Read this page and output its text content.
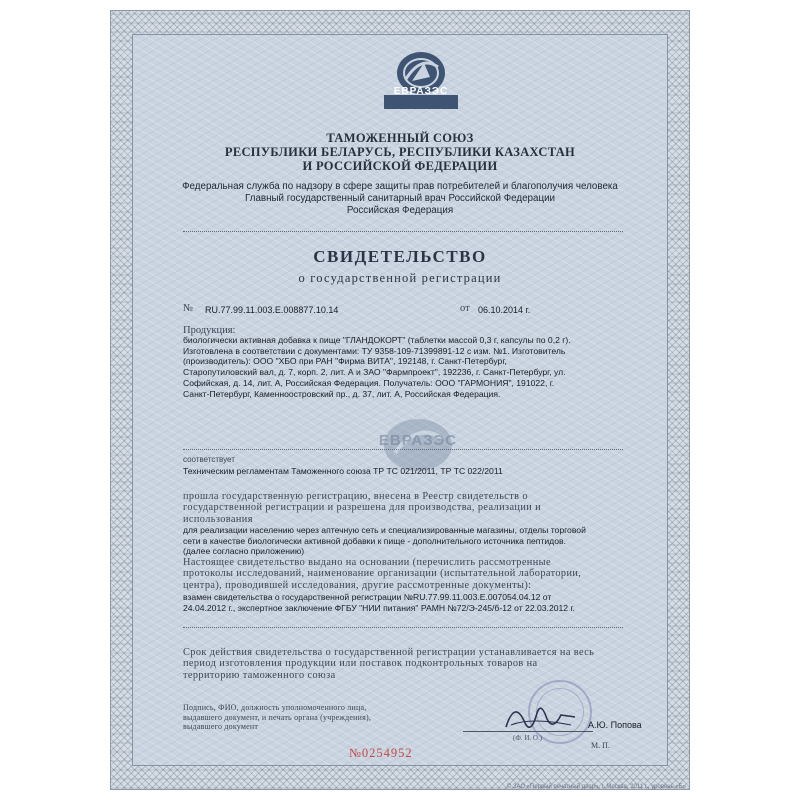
ЕВРАЗЭС
ТАМОЖЕННЫЙ СОЮЗ
РЕСПУБЛИКИ БЕЛАРУСЬ, РЕСПУБЛИКИ КАЗАХСТАН
И РОССИЙСКОЙ ФЕДЕРАЦИИ
Федеральная служба по надзору в сфере защиты прав потребителей и благополучия человека
Главный государственный санитарный врач Российской Федерации
Российская Федерация
СВИДЕТЕЛЬСТВО
о государственной регистрации
№ RU.77.99.11.003.Е.008877.10.14	от 06.10.2014 г.
Продукция:
биологически активная добавка к пище "ГЛАНДОКОРТ" (таблетки массой 0,3 г, капсулы по 0,2 г).
Изготовлена в соответствии с документами: ТУ 9358-109-71399891-12 с изм. №1. Изготовитель
(производитель): ООО "ХБО при РАН "Фирма ВИТА", 192148, г. Санкт-Петербург,
Старопутиловский вал, д. 7, корп. 2, лит. А и ЗАО "Фармпроект", 192236, г. Санкт-Петербург, ул.
Софийская, д. 14, лит. А, Российская Федерация. Получатель: ООО "ГАРМОНИЯ", 191022, г.
Санкт-Петербург, Каменноостровский пр., д. 37, лит. А, Российская Федерация.
ЕВРАЗЭС
соответствует
Техническим регламентам Таможенного союза ТР ТС 021/2011, ТР ТС 022/2011
прошла государственную регистрацию, внесена в Реестр свидетельств о
государственной регистрации и разрешена для производства, реализации и
использования
для реализации населению через аптечную сеть и специализированные магазины, отделы торговой
сети в качестве биологически активной добавки к пище - дополнительного источника пептидов.
(далее согласно приложению)
Настоящее свидетельство выдано на основании (перечислить рассмотренные
протоколы исследований, наименование организации (испытательной лаборатории,
центра), проводившей исследования, другие рассмотренные документы):
взамен свидетельства о государственной регистрации №RU.77.99.11.003.Е.007054.04.12 от
24.04.2012 г., экспертное заключение ФГБУ "НИИ питания" РАМН №72/Э-245/б-12 от 22.03.2012 г.
Срок действия свидетельства о государственной регистрации устанавливается на весь
период изготовления продукции или поставок подконтрольных товаров на
территорию таможенного союза
Подпись, ФИО, должность уполномоченного лица,
выдавшего документ, и печать органа (учреждения),
выдавшего документ	А.Ю. Попова
(Ф. И. О.)
М. П.
№0254952
© ЗАО «Первый печатный двор», г. Москва, 2011 г., уровень «Б»
